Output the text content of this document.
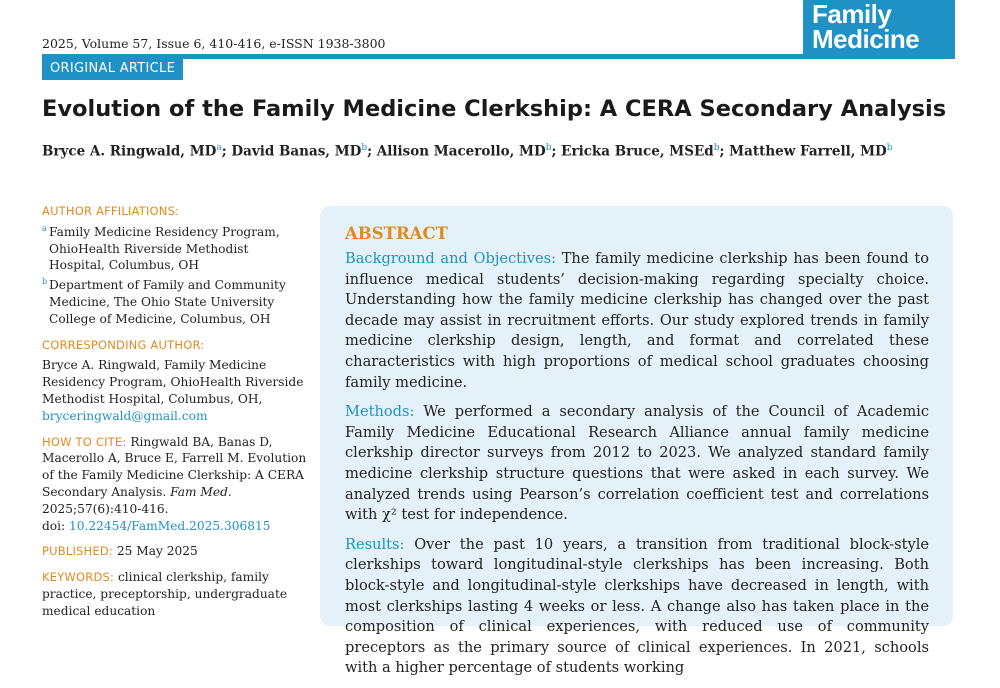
2025, Volume 57, Issue 6, 410-416, e-ISSN 1938-3800
Family
Medicine
ORIGINAL ARTICLE
Evolution of the Family Medicine Clerkship: A CERA Secondary Analysis
Bryce A. Ringwald, $MD^a$; David Banas, $MD^b$; Allison Macerollo, $MD^b$; Ericka Bruce, MSEd$^b$; Matthew Farrell, $MD^b$
AUTHOR AFFILIATIONS:
a Family Medicine Residency Program, OhioHealth Riverside Methodist Hospital, Columbus, OH
b Department of Family and Community Medicine, The Ohio State University College of Medicine, Columbus, OH
CORRESPONDING AUTHOR:
Bryce A. Ringwald, Family Medicine Residency Program, OhioHealth Riverside Methodist Hospital, Columbus, OH,
bryceringwald@gmail.com
HOW TO CITE: Ringwald BA, Banas D, Macerollo A, Bruce E, Farrell M. Evolution of the Family Medicine Clerkship: A CERA Secondary Analysis. Fam Med. 2025;57(6):410-416.
doi: 10.22454/FamMed.2025.306815
PUBLISHED: 25 May 2025
KEYWORDS: clinical clerkship, family practice, preceptorship, undergraduate medical education
ABSTRACT

Background and Objectives: The family medicine clerkship has been found to influence medical students’ decision-making regarding specialty choice. Understanding how the family medicine clerkship has changed over the past decade may assist in recruitment efforts. Our study explored trends in family medicine clerkship design, length, and format and correlated these characteristics with high proportions of medical school graduates choosing family medicine.

Methods: We performed a secondary analysis of the Council of Academic Family Medicine Educational Research Alliance annual family medicine clerkship director surveys from 2012 to 2023. We analyzed standard family medicine clerkship structure questions that were asked in each survey. We analyzed trends using Pearson’s correlation coefficient test and correlations with χ² test for independence.

Results: Over the past 10 years, a transition from traditional block-style clerkships toward longitudinal-style clerkships has been increasing. Both block-style and longitudinal-style clerkships have decreased in length, with most clerkships lasting 4 weeks or less. A change also has taken place in the composition of clinical experiences, with reduced use of community preceptors as the primary source of clinical experiences. In 2021, schools with a higher percentage of students working
